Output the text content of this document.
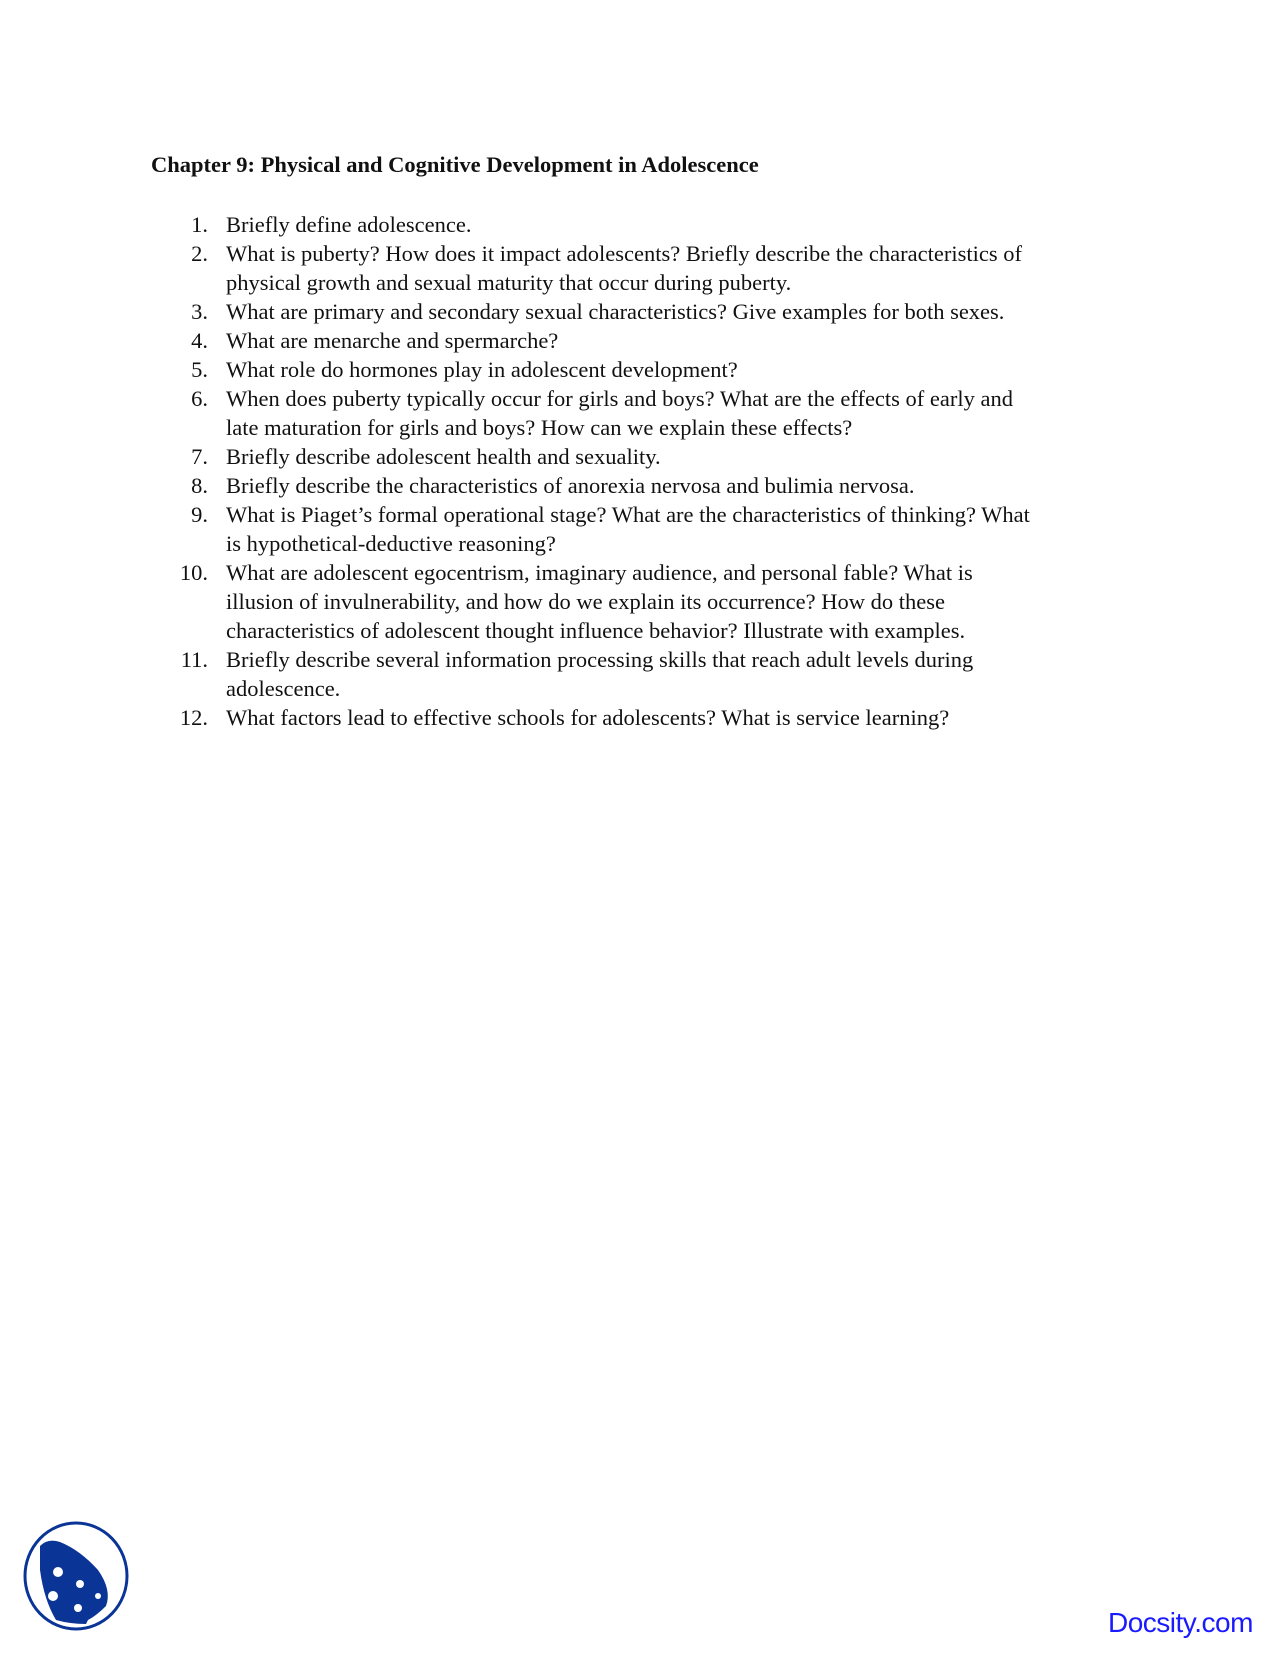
Chapter 9: Physical and Cognitive Development in Adolescence
1. Briefly define adolescence.
2. What is puberty? How does it impact adolescents? Briefly describe the characteristics of
physical growth and sexual maturity that occur during puberty.
3. What are primary and secondary sexual characteristics? Give examples for both sexes.
4. What are menarche and spermarche?
5. What role do hormones play in adolescent development?
6. When does puberty typically occur for girls and boys? What are the effects of early and
late maturation for girls and boys? How can we explain these effects?
7. Briefly describe adolescent health and sexuality.
8. Briefly describe the characteristics of anorexia nervosa and bulimia nervosa.
9. What is Piaget’s formal operational stage? What are the characteristics of thinking? What
is hypothetical-deductive reasoning?
10. What are adolescent egocentrism, imaginary audience, and personal fable? What is
illusion of invulnerability, and how do we explain its occurrence? How do these
characteristics of adolescent thought influence behavior? Illustrate with examples.
11. Briefly describe several information processing skills that reach adult levels during
adolescence.
12. What factors lead to effective schools for adolescents? What is service learning?
Docsity.com
